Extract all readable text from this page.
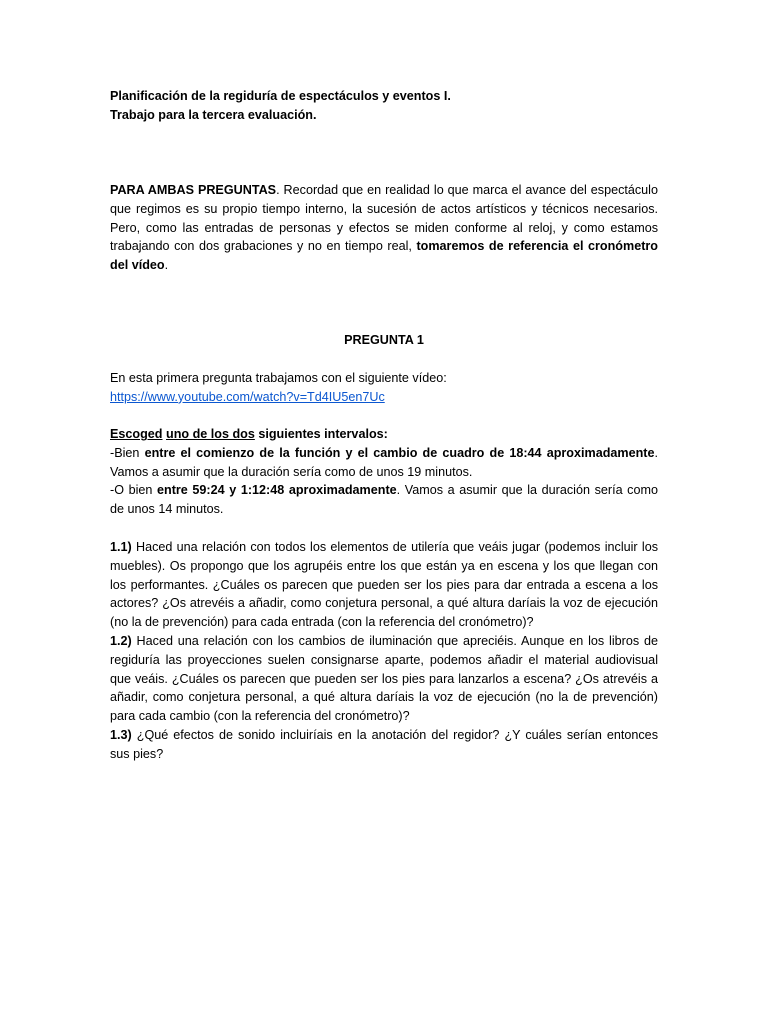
Planificación de la regiduría de espectáculos y eventos I.

Trabajo para la tercera evaluación.

PARA AMBAS PREGUNTAS. Recordad que en realidad lo que marca el avance del espectáculo que regimos es su propio tiempo interno, la sucesión de actos artísticos y técnicos necesarios. Pero, como las entradas de personas y efectos se miden conforme al reloj, y como estamos trabajando con dos grabaciones y no en tiempo real, tomaremos de referencia el cronómetro del vídeo.

PREGUNTA 1

En esta primera pregunta trabajamos con el siguiente vídeo:

https://www.youtube.com/watch?v=Td4IU5en7Uc

Escoged uno de los dos siguientes intervalos:

-Bien entre el comienzo de la función y el cambio de cuadro de 18:44 aproximadamente. Vamos a asumir que la duración sería como de unos 19 minutos.

-O bien entre 59:24 y 1:12:48 aproximadamente. Vamos a asumir que la duración sería como de unos 14 minutos.

1.1) Haced una relación con todos los elementos de utilería que veáis jugar (podemos incluir los muebles). Os propongo que los agrupéis entre los que están ya en escena y los que llegan con los performantes. ¿Cuáles os parecen que pueden ser los pies para dar entrada a escena a los actores? ¿Os atrevéis a añadir, como conjetura personal, a qué altura daríais la voz de ejecución (no la de prevención) para cada entrada (con la referencia del cronómetro)?

1.2) Haced una relación con los cambios de iluminación que apreciéis. Aunque en los libros de regiduría las proyecciones suelen consignarse aparte, podemos añadir el material audiovisual que veáis. ¿Cuáles os parecen que pueden ser los pies para lanzarlos a escena? ¿Os atrevéis a añadir, como conjetura personal, a qué altura daríais la voz de ejecución (no la de prevención) para cada cambio (con la referencia del cronómetro)?

1.3) ¿Qué efectos de sonido incluiríais en la anotación del regidor? ¿Y cuáles serían entonces sus pies?
